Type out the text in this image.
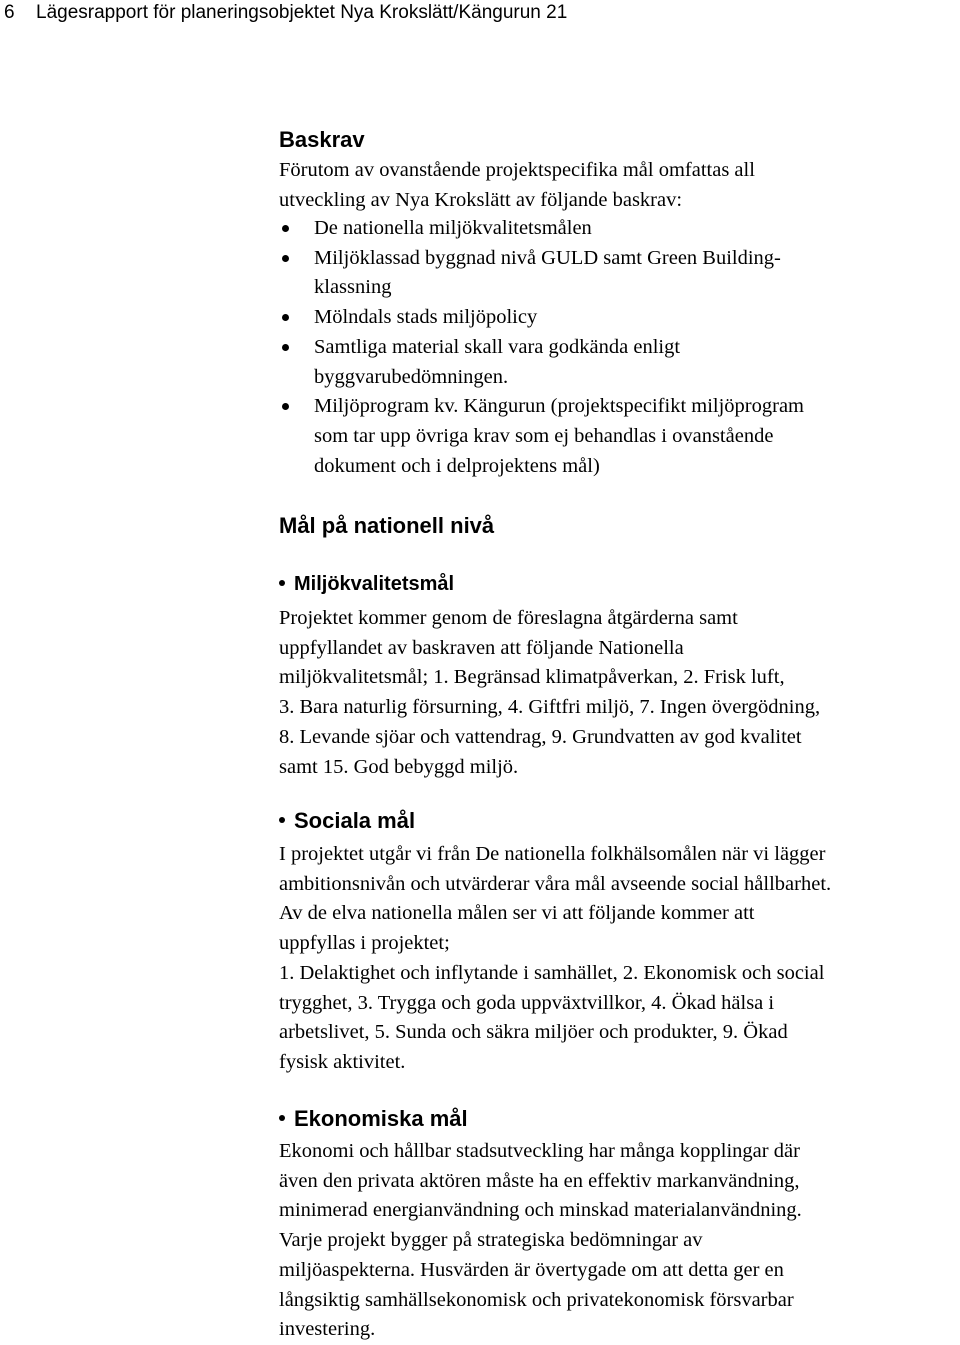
6 Lägesrapport för planeringsobjektet Nya Krokslätt/Kängurun 21
Baskrav
Förutom av ovanstående projektspecifika mål omfattas all
utveckling av Nya Krokslätt av följande baskrav:
De nationella miljökvalitetsmålen
Miljöklassad byggnad nivå GULD samt Green Building-
klassning
Mölndals stads miljöpolicy
Samtliga material skall vara godkända enligt
byggvarubedömningen.
Miljöprogram kv. Kängurun (projektspecifikt miljöprogram
som tar upp övriga krav som ej behandlas i ovanstående
dokument och i delprojektens mål)
Mål på nationell nivå
Miljökvalitetsmål
Projektet kommer genom de föreslagna åtgärderna samt
uppfyllandet av baskraven att följande Nationella
miljökvalitetsmål; 1. Begränsad klimatpåverkan, 2. Frisk luft,
3. Bara naturlig försurning, 4. Giftfri miljö, 7. Ingen övergödning,
8. Levande sjöar och vattendrag, 9. Grundvatten av god kvalitet
samt 15. God bebyggd miljö.
Sociala mål
I projektet utgår vi från De nationella folkhälsomålen när vi lägger
ambitionsnivån och utvärderar våra mål avseende social hållbarhet.
Av de elva nationella målen ser vi att följande kommer att
uppfyllas i projektet;
1. Delaktighet och inflytande i samhället, 2. Ekonomisk och social
trygghet, 3. Trygga och goda uppväxtvillkor, 4. Ökad hälsa i
arbetslivet, 5. Sunda och säkra miljöer och produkter, 9. Ökad
fysisk aktivitet.
Ekonomiska mål
Ekonomi och hållbar stadsutveckling har många kopplingar där
även den privata aktören måste ha en effektiv markanvändning,
minimerad energianvändning och minskad materialanvändning.
Varje projekt bygger på strategiska bedömningar av
miljöaspekterna. Husvärden är övertygade om att detta ger en
långsiktig samhällsekonomisk och privatekonomisk försvarbar
investering.
